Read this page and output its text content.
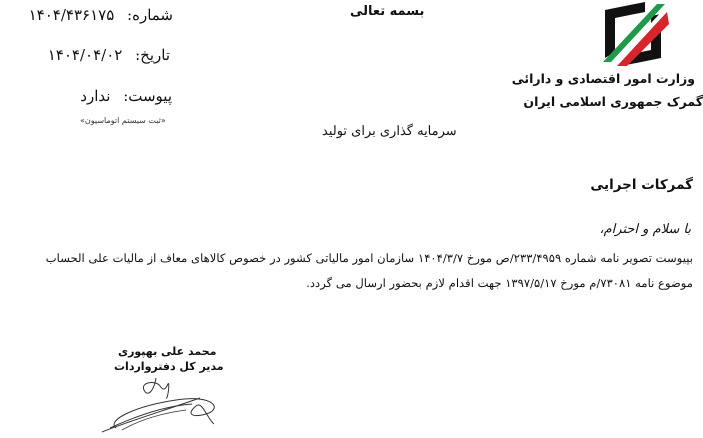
شماره: ۱۴۰۴/۴۳۶۱۷۵
تاریخ: ۱۴۰۴/۰۴/۰۲
پیوست: ندارد
«ثبت سیستم اتوماسیون»
بسمه تعالی
وزارت امور اقتصادی و دارائی
گمرک جمهوری اسلامی ایران
سرمایه گذاری برای تولید
گمرکات اجرایی
با سلام و احترام،
بپیوست تصویر نامه شماره ۲۳۳/۴۹۵۹/ص مورخ ۱۴۰۴/۳/۷ سازمان امور مالیاتی کشور در خصوص کالاهای معاف از مالیات علی الحساب
موضوع نامه ۷۳۰۸۱/م مورخ ۱۳۹۷/۵/۱۷ جهت اقدام لازم بحضور ارسال می گردد.
محمد علی بهپوری
مدیر کل دفترواردات
